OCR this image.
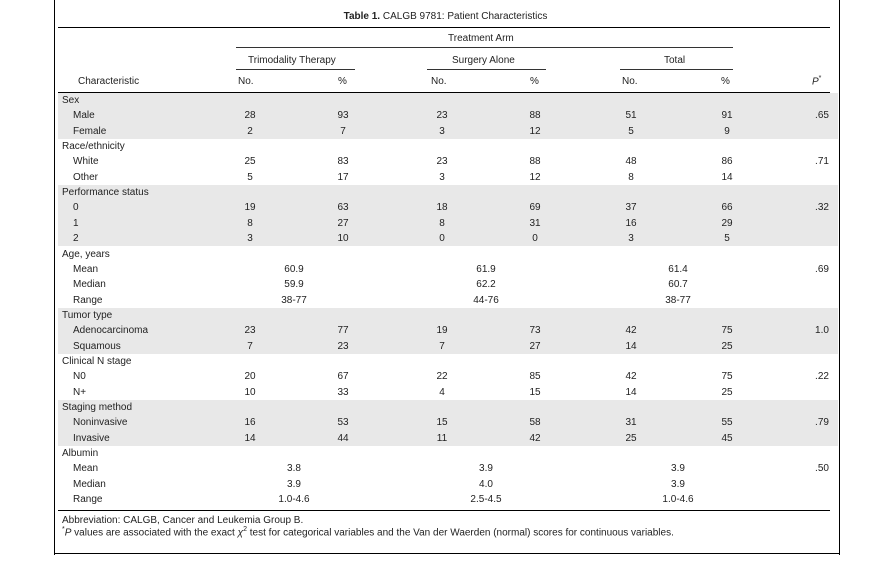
Table 1. CALGB 9781: Patient Characteristics
Treatment Arm
Trimodality Therapy	Surgery Alone	Total
Characteristic	No.	%	No.	%	No.	%	P*
Sex
Male	28	93	23	88	51	91	.65
Female	2	7	3	12	5	9
Race/ethnicity
White	25	83	23	88	48	86	.71
Other	5	17	3	12	8	14
Performance status
0	19	63	18	69	37	66	.32
1	8	27	8	31	16	29
2	3	10	0	0	3	5
Age, years
Mean	60.9	61.9	61.4	.69
Median	59.9	62.2	60.7
Range	38-77	44-76	38-77
Tumor type
Adenocarcinoma	23	77	19	73	42	75	1.0
Squamous	7	23	7	27	14	25
Clinical N stage
N0	20	67	22	85	42	75	.22
N+	10	33	4	15	14	25
Staging method
Noninvasive	16	53	15	58	31	55	.79
Invasive	14	44	11	42	25	45
Albumin
Mean	3.8	3.9	3.9	.50
Median	3.9	4.0	3.9
Range	1.0-4.6	2.5-4.5	1.0-4.6
Abbreviation: CALGB, Cancer and Leukemia Group B.
*P values are associated with the exact $\chi^2$ test for categorical variables and the Van der Waerden (normal) scores for continuous variables.
